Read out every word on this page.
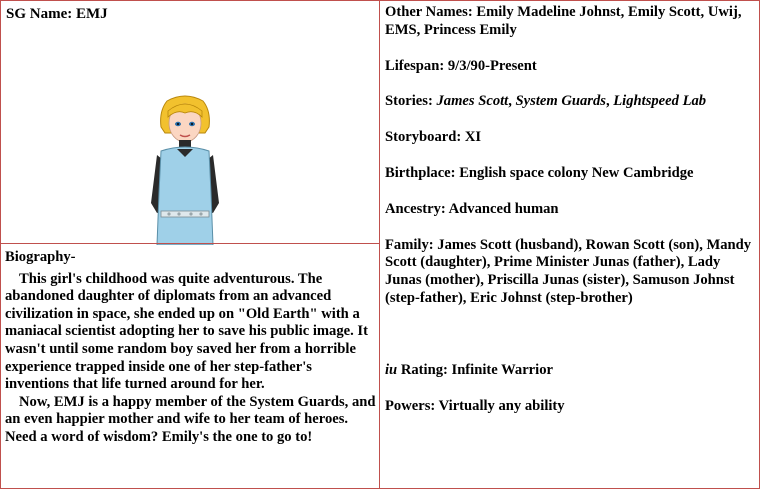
SG Name: EMJ
Biography-

This girl's childhood was quite adventurous. The abandoned daughter of diplomats from an advanced civilization in space, she ended up on "Old Earth" with a maniacal scientist adopting her to save his public image. It wasn't until some random boy saved her from a horrible experience trapped inside one of her step-father's inventions that life turned around for her.

Now, EMJ is a happy member of the System Guards, and an even happier mother and wife to her team of heroes. Need a word of wisdom? Emily's the one to go to!

Other Names: Emily Madeline Johnst, Emily Scott, Uwij, EMS, Princess Emily

Lifespan: 9/3/90-Present

Stories: James Scott, System Guards, Lightspeed Lab

Storyboard: XI

Birthplace: English space colony New Cambridge

Ancestry: Advanced human

Family: James Scott (husband), Rowan Scott (son), Mandy Scott (daughter), Prime Minister Junas (father), Lady Junas (mother), Priscilla Junas (sister), Samuson Johnst (step-father), Eric Johnst (step-brother)

iu Rating: Infinite Warrior

Powers: Virtually any ability
